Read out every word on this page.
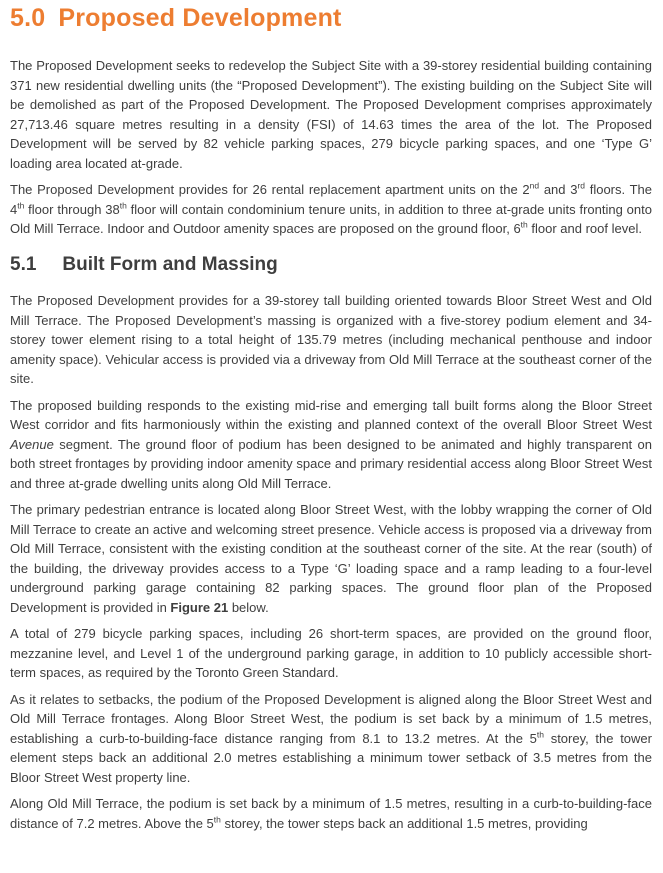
5.0 Proposed Development

The Proposed Development seeks to redevelop the Subject Site with a 39-storey residential building containing 371 new residential dwelling units (the “Proposed Development”). The existing building on the Subject Site will be demolished as part of the Proposed Development. The Proposed Development comprises approximately 27,713.46 square metres resulting in a density (FSI) of 14.63 times the area of the lot. The Proposed Development will be served by 82 vehicle parking spaces, 279 bicycle parking spaces, and one ‘Type G’ loading area located at-grade.

The Proposed Development provides for 26 rental replacement apartment units on the 2nd and 3rd floors. The 4th floor through 38th floor will contain condominium tenure units, in addition to three at-grade units fronting onto Old Mill Terrace. Indoor and Outdoor amenity spaces are proposed on the ground floor, 6th floor and roof level.

5.1 Built Form and Massing

The Proposed Development provides for a 39-storey tall building oriented towards Bloor Street West and Old Mill Terrace. The Proposed Development’s massing is organized with a five-storey podium element and 34-storey tower element rising to a total height of 135.79 metres (including mechanical penthouse and indoor amenity space). Vehicular access is provided via a driveway from Old Mill Terrace at the southeast corner of the site.

The proposed building responds to the existing mid-rise and emerging tall built forms along the Bloor Street West corridor and fits harmoniously within the existing and planned context of the overall Bloor Street West Avenue segment. The ground floor of podium has been designed to be animated and highly transparent on both street frontages by providing indoor amenity space and primary residential access along Bloor Street West and three at-grade dwelling units along Old Mill Terrace.

The primary pedestrian entrance is located along Bloor Street West, with the lobby wrapping the corner of Old Mill Terrace to create an active and welcoming street presence. Vehicle access is proposed via a driveway from Old Mill Terrace, consistent with the existing condition at the southeast corner of the site. At the rear (south) of the building, the driveway provides access to a Type ‘G’ loading space and a ramp leading to a four-level underground parking garage containing 82 parking spaces. The ground floor plan of the Proposed Development is provided in Figure 21 below.

A total of 279 bicycle parking spaces, including 26 short-term spaces, are provided on the ground floor, mezzanine level, and Level 1 of the underground parking garage, in addition to 10 publicly accessible short-term spaces, as required by the Toronto Green Standard.

As it relates to setbacks, the podium of the Proposed Development is aligned along the Bloor Street West and Old Mill Terrace frontages. Along Bloor Street West, the podium is set back by a minimum of 1.5 metres, establishing a curb-to-building-face distance ranging from 8.1 to 13.2 metres. At the 5th storey, the tower element steps back an additional 2.0 metres establishing a minimum tower setback of 3.5 metres from the Bloor Street West property line.

Along Old Mill Terrace, the podium is set back by a minimum of 1.5 metres, resulting in a curb-to-building-face distance of 7.2 metres. Above the 5th storey, the tower steps back an additional 1.5 metres, providing
